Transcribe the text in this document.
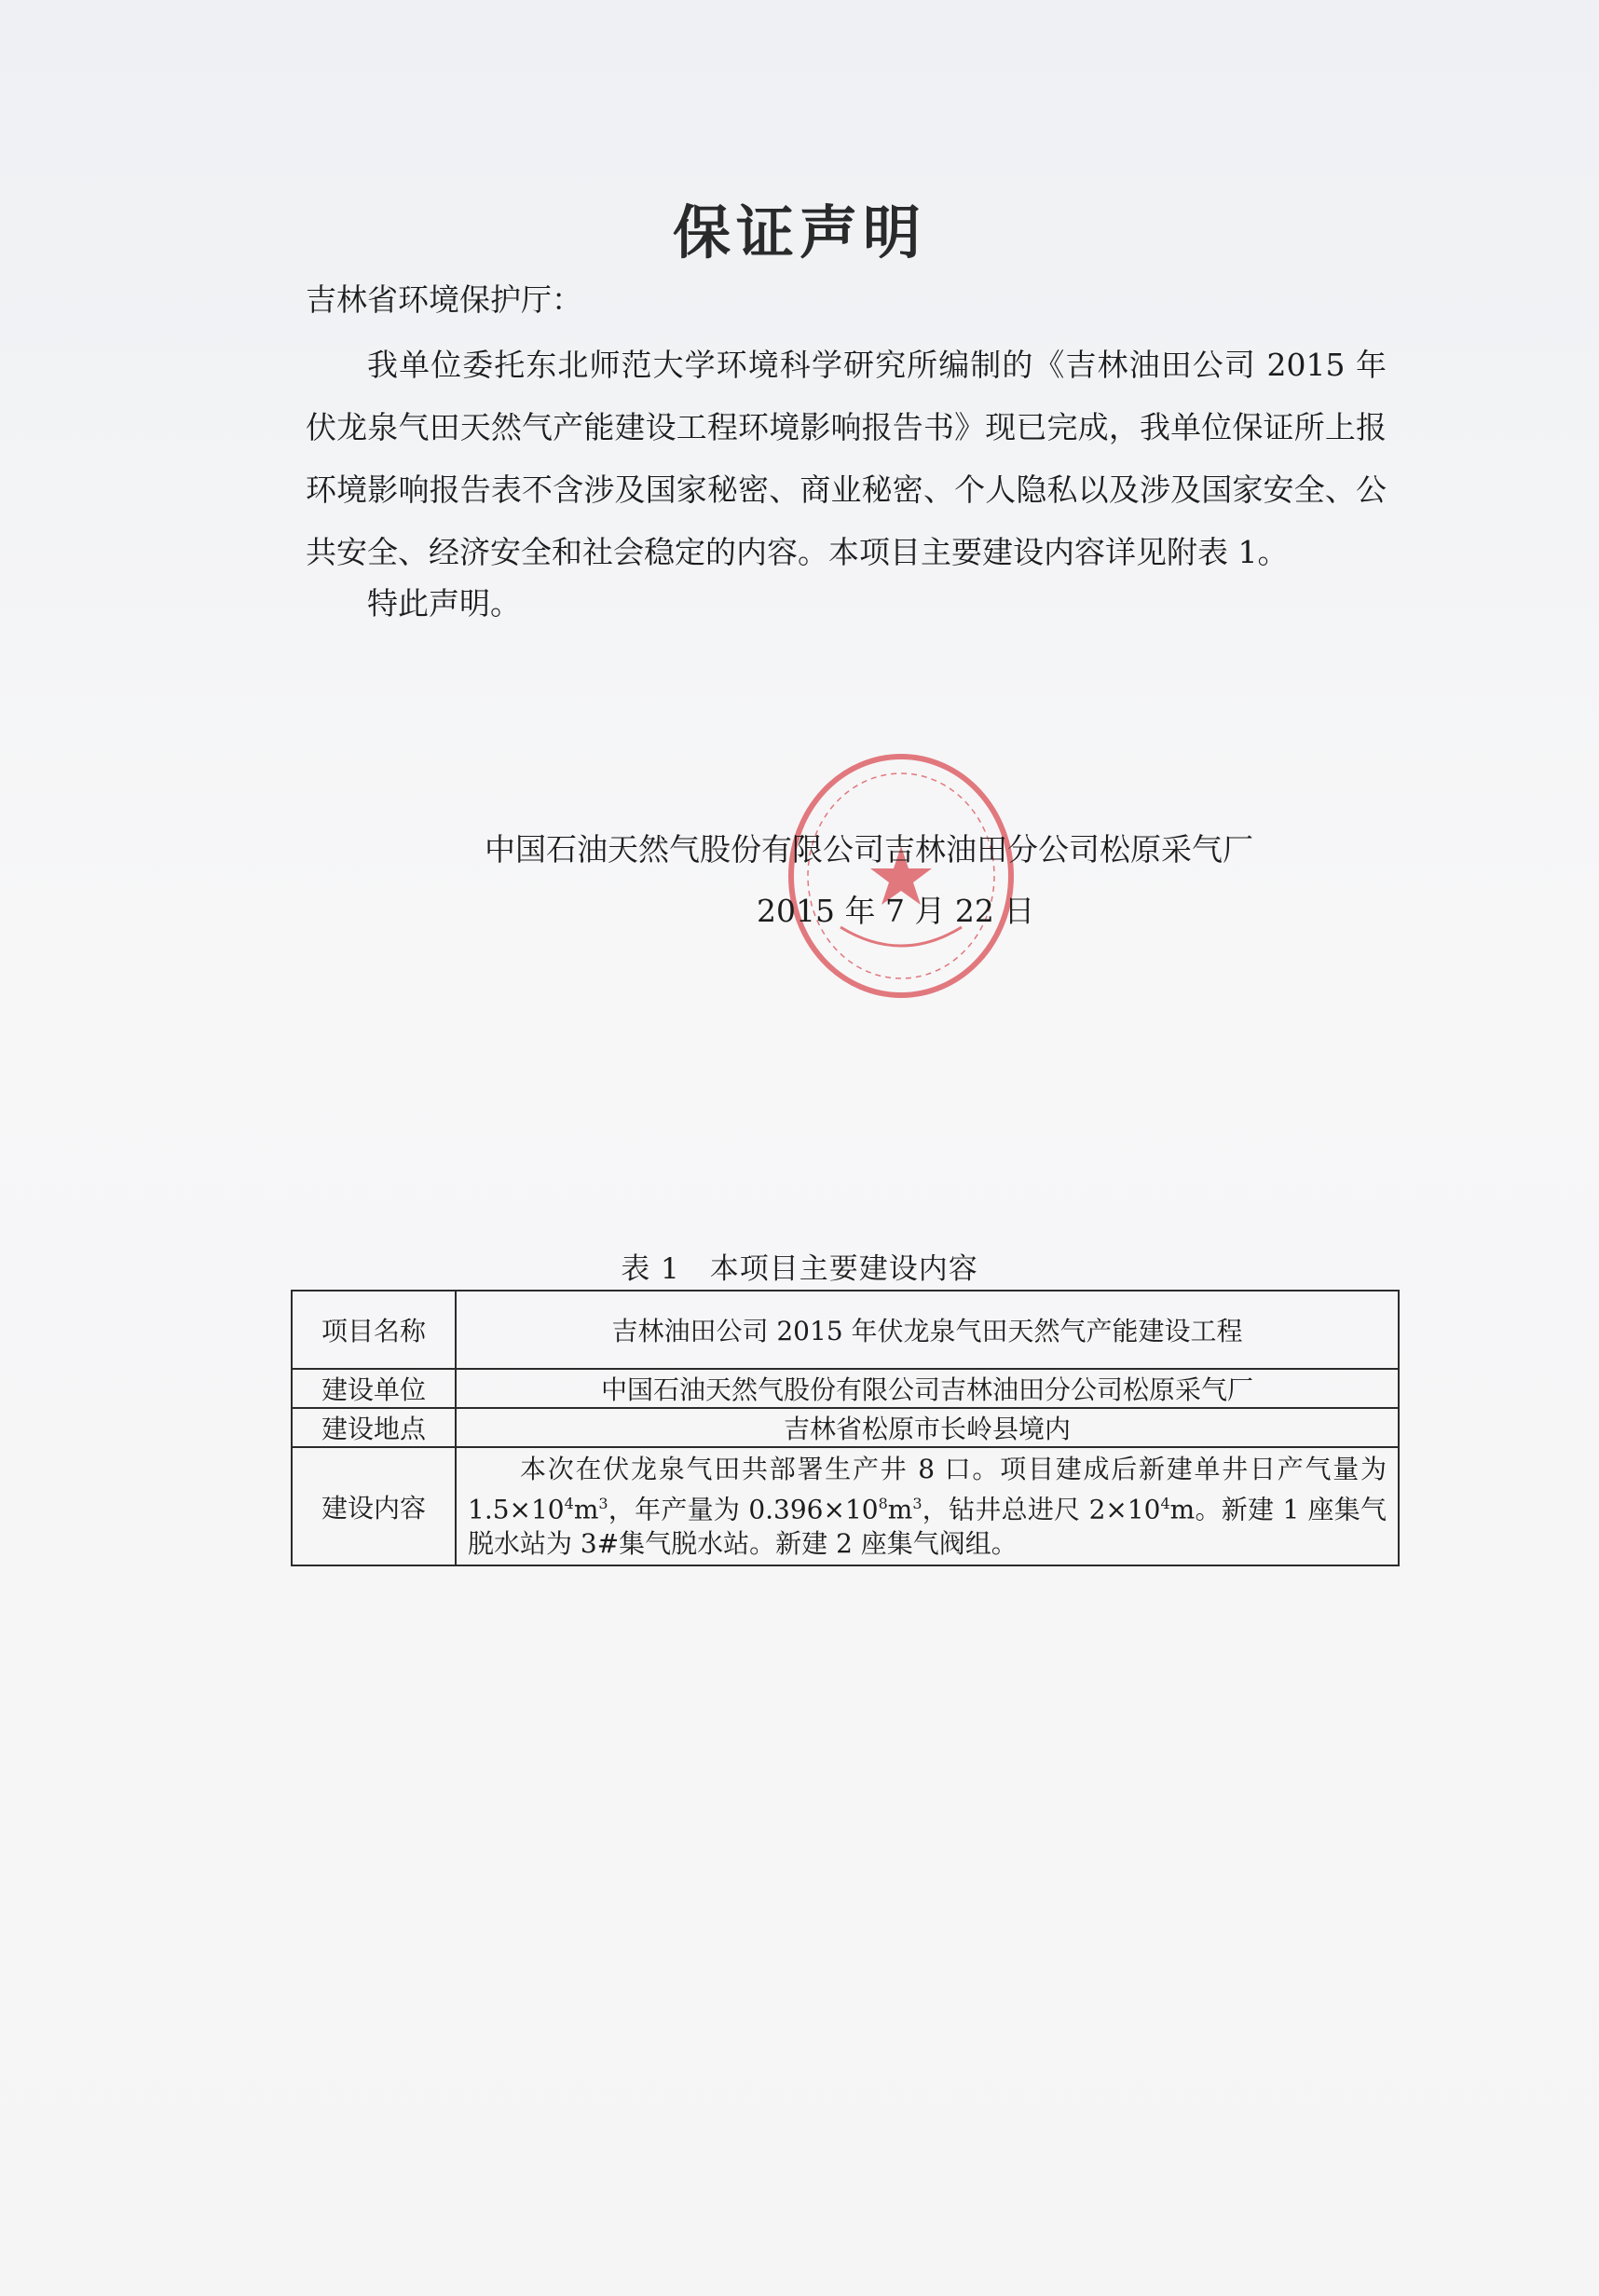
保证声明
吉林省环境保护厅：
我单位委托东北师范大学环境科学研究所编制的《吉林油田公司 2015 年伏龙泉气田天然气产能建设工程环境影响报告书》现已完成，我单位保证所上报环境影响报告表不含涉及国家秘密、商业秘密、个人隐私以及涉及国家安全、公共安全、经济安全和社会稳定的内容。本项目主要建设内容详见附表 1。
特此声明。
中国石油天然气股份有限公司吉林油田分公司松原采气厂
2015 年 7 月 22 日
表 1　本项目主要建设内容
项目名称	吉林油田公司 2015 年伏龙泉气田天然气产能建设工程
建设单位	中国石油天然气股份有限公司吉林油田分公司松原采气厂
建设地点	吉林省松原市长岭县境内
建设内容	本次在伏龙泉气田共部署生产井 8 口。项目建成后新建单井日产气量为 $1.5\times 10^4m^3$，年产量为 $0.396\times 10^8m^3$，钻井总进尺 $2\times 10^4m$。新建 1 座集气脱水站为 3#集气脱水站。新建 2 座集气阀组。
